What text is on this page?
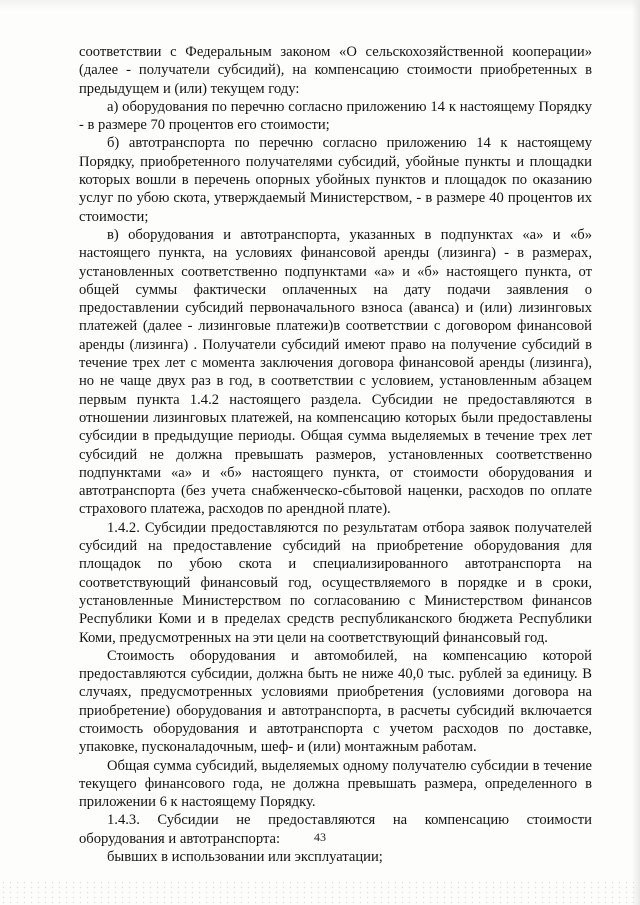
соответствии с Федеральным законом «О сельскохозяйственной кооперации» (далее - получатели субсидий), на компенсацию стоимости приобретенных в предыдущем и (или) текущем году:

а) оборудования по перечню согласно приложению 14 к настоящему Порядку - в размере 70 процентов его стоимости;

б) автотранспорта по перечню согласно приложению 14 к настоящему Порядку, приобретенного получателями субсидий, убойные пункты и площадки которых вошли в перечень опорных убойных пунктов и площадок по оказанию услуг по убою скота, утверждаемый Министерством, - в размере 40 процентов их стоимости;

в) оборудования и автотранспорта, указанных в подпунктах «а» и «б» настоящего пункта, на условиях финансовой аренды (лизинга) - в размерах, установленных соответственно подпунктами «а» и «б» настоящего пункта, от общей суммы фактически оплаченных на дату подачи заявления о предоставлении субсидий первоначального взноса (аванса) и (или) лизинговых платежей (далее - лизинговые платежи)в соответствии с договором финансовой аренды (лизинга) . Получатели субсидий имеют право на получение субсидий в течение трех лет с момента заключения договора финансовой аренды (лизинга), но не чаще двух раз в год, в соответствии с условием, установленным абзацем первым пункта 1.4.2 настоящего раздела. Субсидии не предоставляются в отношении лизинговых платежей, на компенсацию которых были предоставлены субсидии в предыдущие периоды. Общая сумма выделяемых в течение трех лет субсидий не должна превышать размеров, установленных соответственно подпунктами «а» и «б» настоящего пункта, от стоимости оборудования и автотранспорта (без учета снабженческо-сбытовой наценки, расходов по оплате страхового платежа, расходов по арендной плате).

1.4.2. Субсидии предоставляются по результатам отбора заявок получателей субсидий на предоставление субсидий на приобретение оборудования для площадок по убою скота и специализированного автотранспорта на соответствующий финансовый год, осуществляемого в порядке и в сроки, установленные Министерством по согласованию с Министерством финансов Республики Коми и в пределах средств республиканского бюджета Республики Коми, предусмотренных на эти цели на соответствующий финансовый год.

Стоимость оборудования и автомобилей, на компенсацию которой предоставляются субсидии, должна быть не ниже 40,0 тыс. рублей за единицу. В случаях, предусмотренных условиями приобретения (условиями договора на приобретение) оборудования и автотранспорта, в расчеты субсидий включается стоимость оборудования и автотранспорта с учетом расходов по доставке, упаковке, пусконаладочным, шеф- и (или) монтажным работам.

Общая сумма субсидий, выделяемых одному получателю субсидии в течение текущего финансового года, не должна превышать размера, определенного в приложении 6 к настоящему Порядку.

1.4.3. Субсидии не предоставляются на компенсацию стоимости оборудования и автотранспорта:

бывших в использовании или эксплуатации;

43
